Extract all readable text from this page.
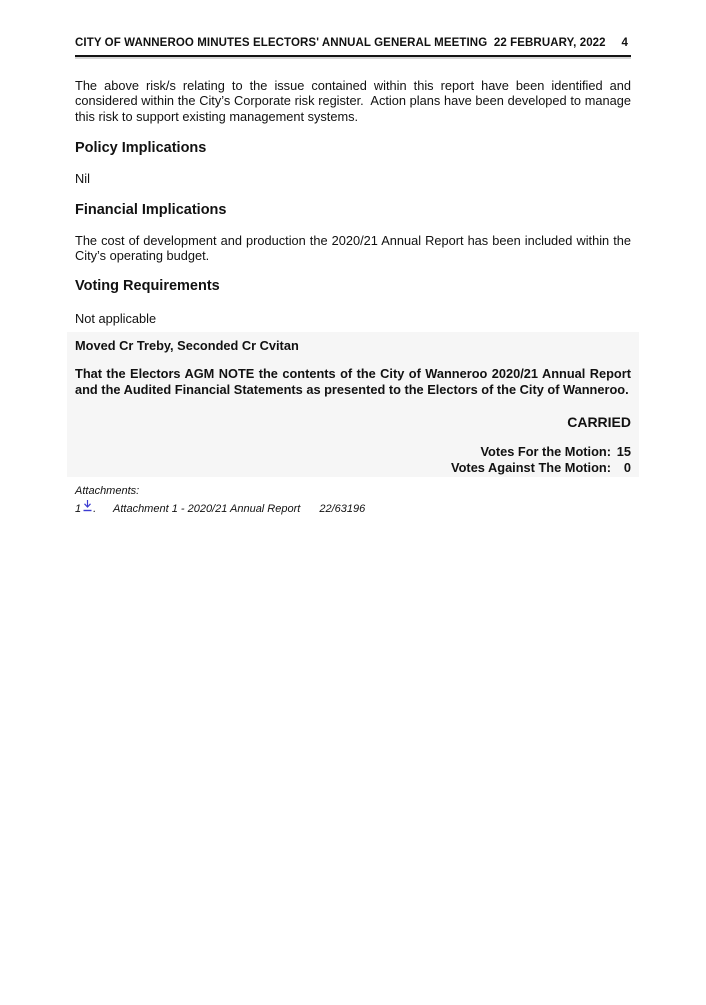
CITY OF WANNEROO MINUTES ELECTORS' ANNUAL GENERAL MEETING  22 FEBRUARY, 2022 4

The above risk/s relating to the issue contained within this report have been identified and considered within the City’s Corporate risk register.  Action plans have been developed to manage this risk to support existing management systems.

Policy Implications

Nil

Financial Implications

The cost of development and production the 2020/21 Annual Report has been included within the City’s operating budget.

Voting Requirements

Not applicable

Moved Cr Treby, Seconded Cr Cvitan

That the Electors AGM NOTE the contents of the City of Wanneroo 2020/21 Annual Report and the Audited Financial Statements as presented to the Electors of the City of Wanneroo.

CARRIED

Votes For the Motion: 15
Votes Against The Motion: 0
Attachments:
1 . Attachment 1 - 2020/21 Annual Report 22/63196
